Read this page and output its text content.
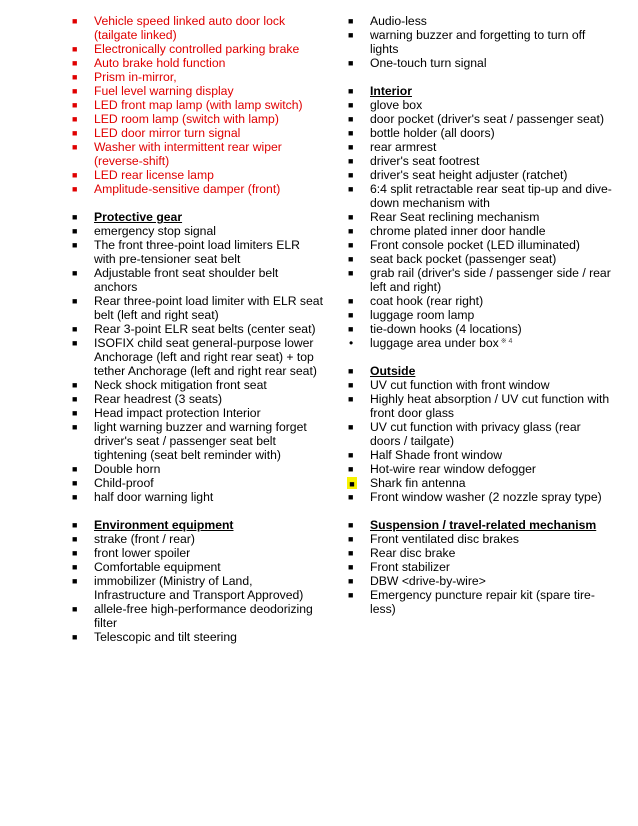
■	Vehicle speed linked auto door lock (tailgate linked)
■	Electronically controlled parking brake
■	Auto brake hold function
■	Prism in-mirror,
■	Fuel level warning display
■	LED front map lamp (with lamp switch)
■	LED room lamp (switch with lamp)
■	LED door mirror turn signal
■	Washer with intermittent rear wiper (reverse-shift)
■	LED rear license lamp
■	Amplitude-sensitive damper (front)
■	Protective gear
■	emergency stop signal
■	The front three-point load limiters ELR with pre-tensioner seat belt
■	Adjustable front seat shoulder belt anchors
■	Rear three-point load limiter with ELR seat belt (left and right seat)
■	Rear 3-point ELR seat belts (center seat)
■	ISOFIX child seat general-purpose lower Anchorage (left and right rear seat) + top tether Anchorage (left and right rear seat)
■	Neck shock mitigation front seat
■	Rear headrest (3 seats)
■	Head impact protection Interior
■	light warning buzzer and warning forget driver's seat / passenger seat belt tightening (seat belt reminder with)
■	Double horn
■	Child-proof
■	half door warning light
■	Environment equipment
■	strake (front / rear)
■	front lower spoiler
■	Comfortable equipment
■	immobilizer (Ministry of Land, Infrastructure and Transport Approved)
■	allele-free high-performance deodorizing filter
■	Telescopic and tilt steering
■	Audio-less
■	warning buzzer and forgetting to turn off lights
■	One-touch turn signal
■	Interior
■	glove box
■	door pocket (driver's seat / passenger seat)
■	bottle holder (all doors)
■	rear armrest
■	driver's seat footrest
■	driver's seat height adjuster (ratchet)
■	6:4 split retractable rear seat tip-up and dive-down mechanism with
■	Rear Seat reclining mechanism
■	chrome plated inner door handle
■	Front console pocket (LED illuminated)
■	seat back pocket (passenger seat)
■	grab rail (driver's side / passenger side / rear left and right)
■	coat hook (rear right)
■	luggage room lamp
■	tie-down hooks (4 locations)
•	luggage area under box $^{※ 4}$
■	Outside
■	UV cut function with front window
■	Highly heat absorption / UV cut function with front door glass
■	UV cut function with privacy glass (rear doors / tailgate)
■	Half Shade front window
■	Hot-wire rear window defogger
■ Shark fin antenna
■	Front window washer (2 nozzle spray type)
■	Suspension / travel-related mechanism
■	Front ventilated disc brakes
■	Rear disc brake
■	Front stabilizer
■	DBW <drive-by-wire>
■	Emergency puncture repair kit (spare tire-less)
